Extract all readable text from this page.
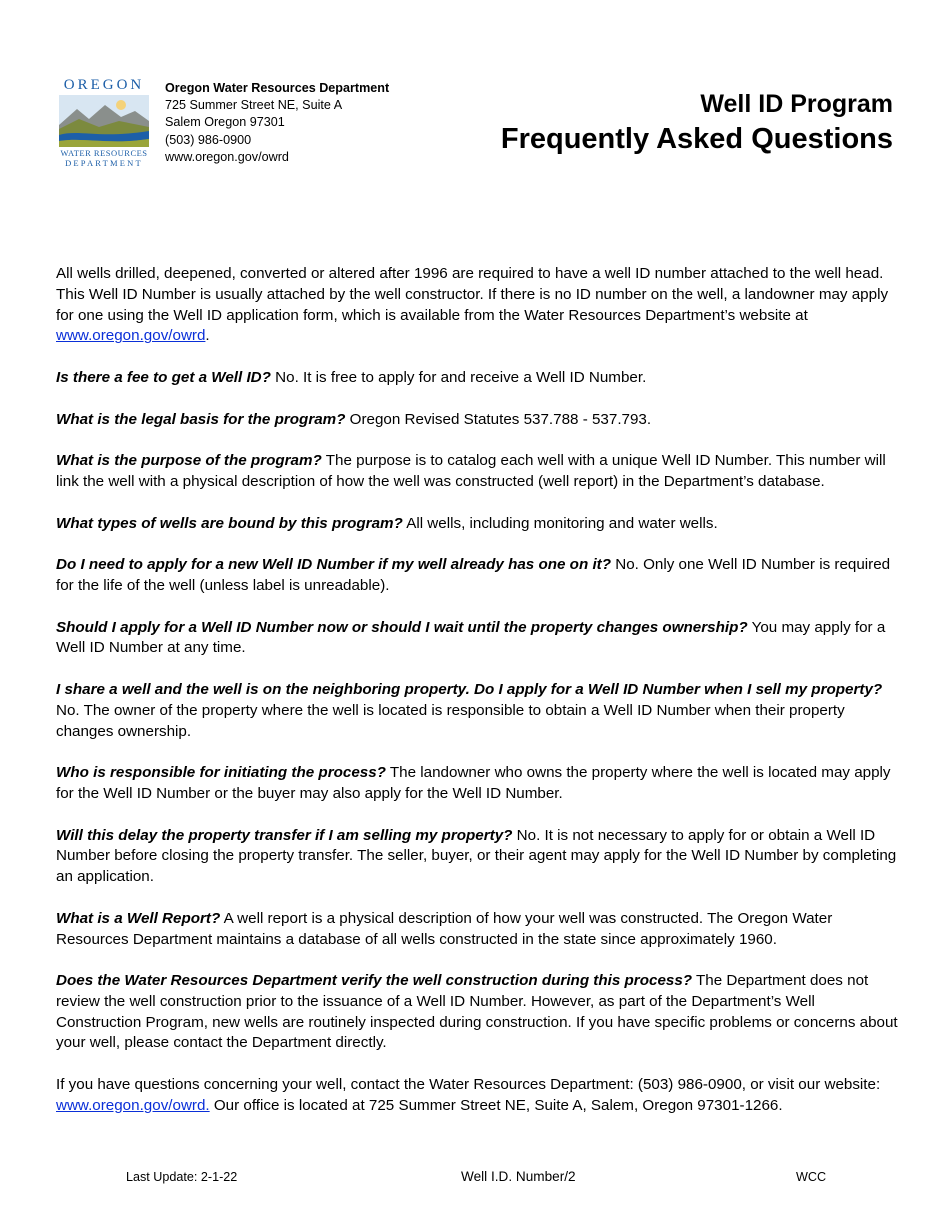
OREGON
WATER RESOURCES
DEPARTMENT
Oregon Water Resources Department
725 Summer Street NE, Suite A
Salem Oregon 97301
(503) 986-0900
www.oregon.gov/owrd
Well ID Program
Frequently Asked Questions

All wells drilled, deepened, converted or altered after 1996 are required to have a well ID number attached to the well head. This Well ID Number is usually attached by the well constructor. If there is no ID number on the well, a landowner may apply for one using the Well ID application form, which is available from the Water Resources Department’s website at www.oregon.gov/owrd.

Is there a fee to get a Well ID? No. It is free to apply for and receive a Well ID Number.

What is the legal basis for the program? Oregon Revised Statutes 537.788 - 537.793.

What is the purpose of the program? The purpose is to catalog each well with a unique Well ID Number. This number will link the well with a physical description of how the well was constructed (well report) in the Department’s database.

What types of wells are bound by this program? All wells, including monitoring and water wells.

Do I need to apply for a new Well ID Number if my well already has one on it? No. Only one Well ID Number is required for the life of the well (unless label is unreadable).

Should I apply for a Well ID Number now or should I wait until the property changes ownership? You may apply for a Well ID Number at any time.

I share a well and the well is on the neighboring property. Do I apply for a Well ID Number when I sell my property? No. The owner of the property where the well is located is responsible to obtain a Well ID Number when their property changes ownership.

Who is responsible for initiating the process? The landowner who owns the property where the well is located may apply for the Well ID Number or the buyer may also apply for the Well ID Number.

Will this delay the property transfer if I am selling my property? No. It is not necessary to apply for or obtain a Well ID Number before closing the property transfer. The seller, buyer, or their agent may apply for the Well ID Number by completing an application.

What is a Well Report? A well report is a physical description of how your well was constructed. The Oregon Water Resources Department maintains a database of all wells constructed in the state since approximately 1960.

Does the Water Resources Department verify the well construction during this process? The Department does not review the well construction prior to the issuance of a Well ID Number. However, as part of the Department’s Well Construction Program, new wells are routinely inspected during construction. If you have specific problems or concerns about your well, please contact the Department directly.

If you have questions concerning your well, contact the Water Resources Department: (503) 986-0900, or visit our website: www.oregon.gov/owrd. Our office is located at 725 Summer Street NE, Suite A, Salem, Oregon 97301-1266.

Last Update: 2-1-22	Well I.D. Number/2	WCC
